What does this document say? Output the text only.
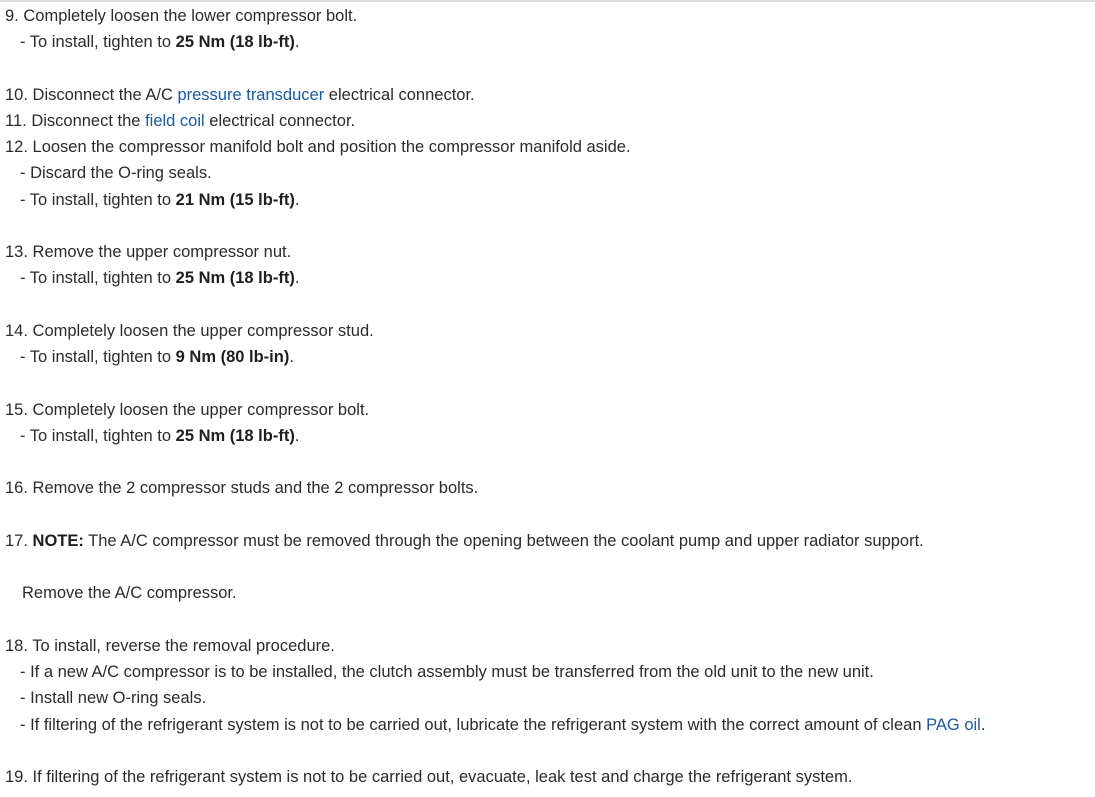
9. Completely loosen the lower compressor bolt.
- To install, tighten to 25 Nm (18 lb-ft).
10. Disconnect the A/C pressure transducer electrical connector.
11. Disconnect the field coil electrical connector.
12. Loosen the compressor manifold bolt and position the compressor manifold aside.
- Discard the O-ring seals.
- To install, tighten to 21 Nm (15 lb-ft).
13. Remove the upper compressor nut.
- To install, tighten to 25 Nm (18 lb-ft).
14. Completely loosen the upper compressor stud.
- To install, tighten to 9 Nm (80 lb-in).
15. Completely loosen the upper compressor bolt.
- To install, tighten to 25 Nm (18 lb-ft).
16. Remove the 2 compressor studs and the 2 compressor bolts.
17. NOTE: The A/C compressor must be removed through the opening between the coolant pump and upper radiator support.
Remove the A/C compressor.
18. To install, reverse the removal procedure.
- If a new A/C compressor is to be installed, the clutch assembly must be transferred from the old unit to the new unit.
- Install new O-ring seals.
- If filtering of the refrigerant system is not to be carried out, lubricate the refrigerant system with the correct amount of clean PAG oil.
19. If filtering of the refrigerant system is not to be carried out, evacuate, leak test and charge the refrigerant system.
